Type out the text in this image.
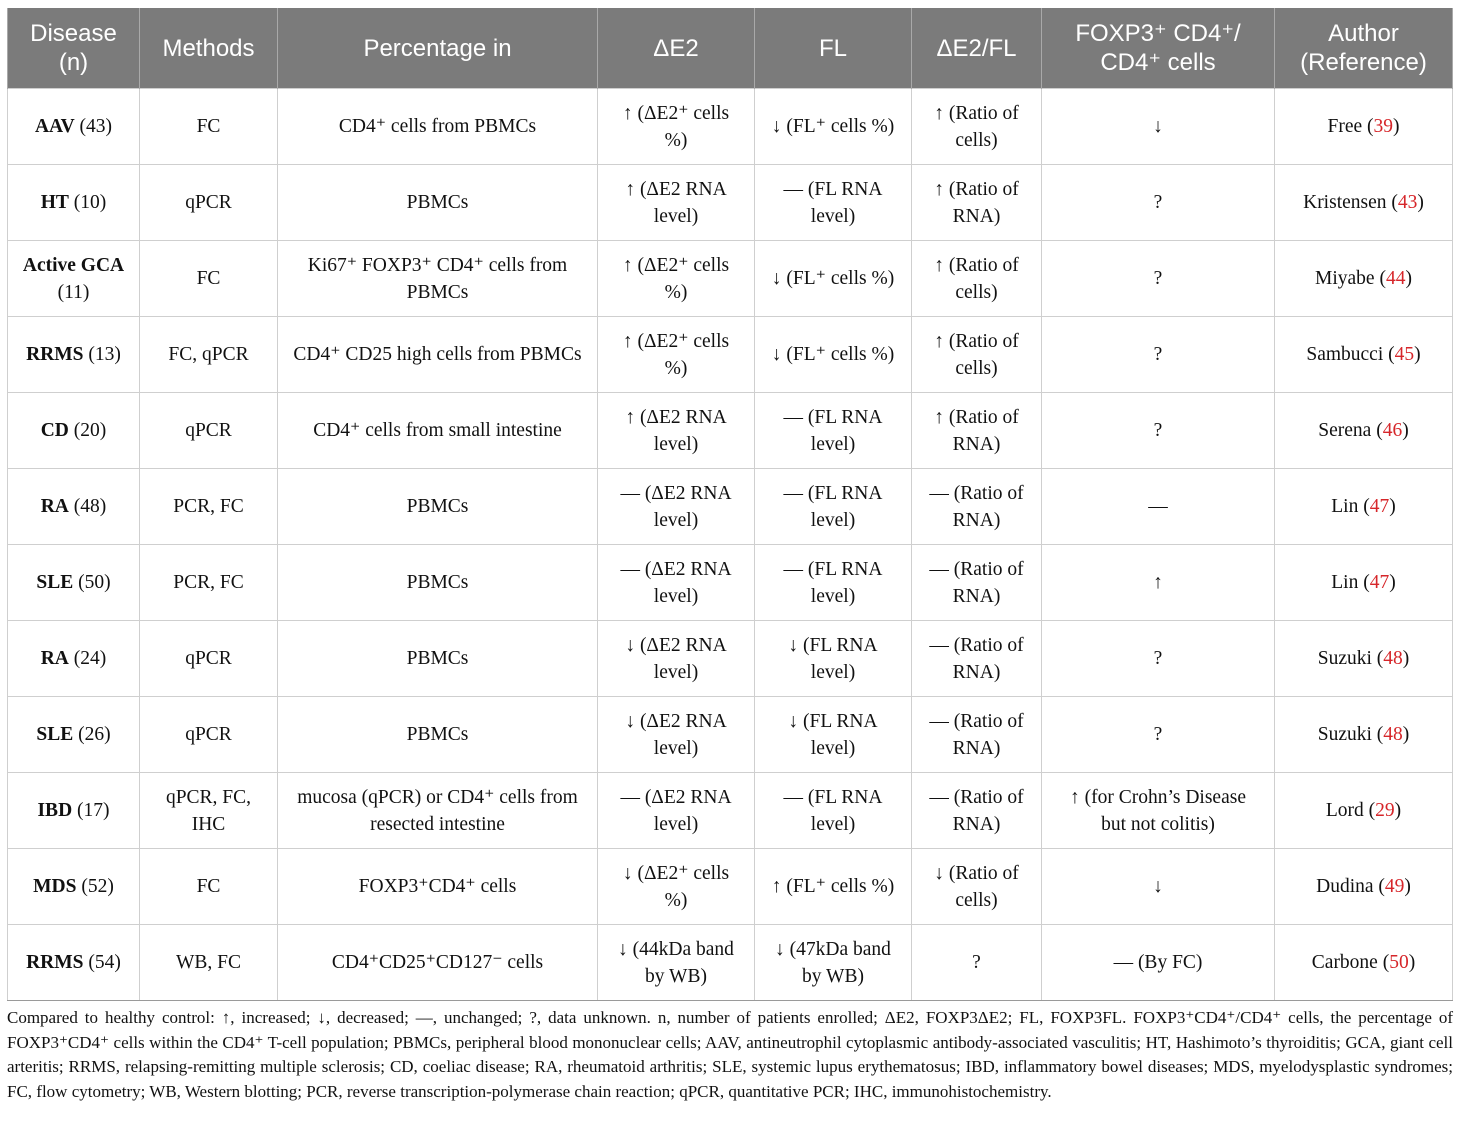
Disease (n)	Methods	Percentage in	ΔE2	FL	ΔE2/FL	FOXP3⁺ CD4⁺/ CD4⁺ cells	Author (Reference)
AAV (43)	FC	CD4⁺ cells from PBMCs	↑ (ΔE2⁺ cells %)	↓ (FL⁺ cells %)	↑ (Ratio of cells)	↓	Free (39)
HT (10)	qPCR	PBMCs	↑ (ΔE2 RNA level)	— (FL RNA level)	↑ (Ratio of RNA)	?	Kristensen (43)
Active GCA (11)	FC	Ki67⁺ FOXP3⁺ CD4⁺ cells from PBMCs	↑ (ΔE2⁺ cells %)	↓ (FL⁺ cells %)	↑ (Ratio of cells)	?	Miyabe (44)
RRMS (13)	FC, qPCR	CD4⁺ CD25 high cells from PBMCs	↑ (ΔE2⁺ cells %)	↓ (FL⁺ cells %)	↑ (Ratio of cells)	?	Sambucci (45)
CD (20)	qPCR	CD4⁺ cells from small intestine	↑ (ΔE2 RNA level)	— (FL RNA level)	↑ (Ratio of RNA)	?	Serena (46)
RA (48)	PCR, FC	PBMCs	— (ΔE2 RNA level)	— (FL RNA level)	— (Ratio of RNA)	—	Lin (47)
SLE (50)	PCR, FC	PBMCs	— (ΔE2 RNA level)	— (FL RNA level)	— (Ratio of RNA)	↑	Lin (47)
RA (24)	qPCR	PBMCs	↓ (ΔE2 RNA level)	↓ (FL RNA level)	— (Ratio of RNA)	?	Suzuki (48)
SLE (26)	qPCR	PBMCs	↓ (ΔE2 RNA level)	↓ (FL RNA level)	— (Ratio of RNA)	?	Suzuki (48)
IBD (17)	qPCR, FC, IHC	mucosa (qPCR) or CD4⁺ cells from resected intestine	— (ΔE2 RNA level)	— (FL RNA level)	— (Ratio of RNA)	↑ (for Crohn’s Disease but not colitis)	Lord (29)
MDS (52)	FC	FOXP3⁺CD4⁺ cells	↓ (ΔE2⁺ cells %)	↑ (FL⁺ cells %)	↓ (Ratio of cells)	↓	Dudina (49)
RRMS (54)	WB, FC	CD4⁺CD25⁺CD127⁻ cells	↓ (44kDa band by WB)	↓ (47kDa band by WB)	?	— (By FC)	Carbone (50)
Compared to healthy control: ↑, increased; ↓, decreased; —, unchanged; ?, data unknown. n, number of patients enrolled; ΔE2, FOXP3ΔE2; FL, FOXP3FL. FOXP3⁺CD4⁺/CD4⁺ cells, the percentage of FOXP3⁺CD4⁺ cells within the CD4⁺ T-cell population; PBMCs, peripheral blood mononuclear cells; AAV, antineutrophil cytoplasmic antibody-associated vasculitis; HT, Hashimoto’s thyroiditis; GCA, giant cell arteritis; RRMS, relapsing-remitting multiple sclerosis; CD, coeliac disease; RA, rheumatoid arthritis; SLE, systemic lupus erythematosus; IBD, inflammatory bowel diseases; MDS, myelodysplastic syndromes; FC, flow cytometry; WB, Western blotting; PCR, reverse transcription-polymerase chain reaction; qPCR, quantitative PCR; IHC, immunohistochemistry.
